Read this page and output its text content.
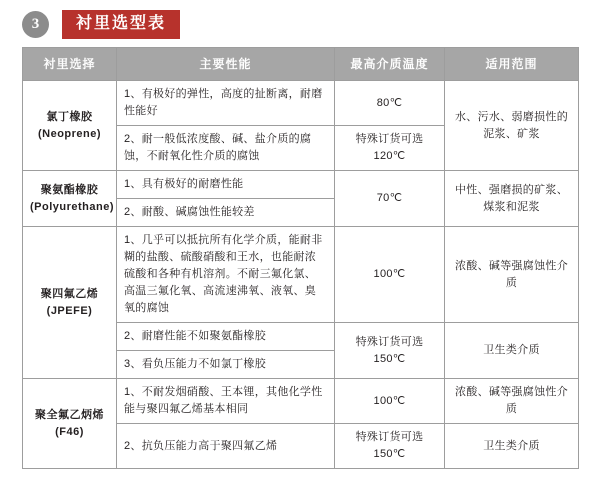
3	衬里选型表
衬里选择	主要性能	最高介质温度	适用范围

氯丁橡胶
(Neoprene)	1、有极好的弹性，高度的扯断离，耐磨性能好	80℃	水、污水、弱磨损性的
泥浆、矿浆

	2、耐一般低浓度酸、碱、盐介质的腐蚀，不耐氧化性介质的腐蚀	特殊订货可选
120℃	

聚氨酯橡胶
(Polyurethane)	1、具有极好的耐磨性能	70℃	中性、强磨损的矿浆、
煤浆和泥浆

	2、耐酸、碱腐蚀性能较差		

聚四氟乙烯
(JPEFE)	1、几乎可以抵抗所有化学介质，能耐非糊的盐酸、硫酸硝酸和王水，也能耐浓硫酸和各种有机溶剂。不耐三氟化氯、高温三氟化氧、高流速沸氧、液氧、臭氧的腐蚀	100℃	浓酸、碱等强腐蚀性介
质

	2、耐磨性能不如聚氨酯橡胶	特殊订货可选
150℃	卫生类介质

	3、看负压能力不如氯丁橡胶		

聚全氟乙炳烯
(F46)	1、不耐发烟硝酸、王本锂，其他化学性能与聚四氟乙烯基本相同	100℃	浓酸、碱等强腐蚀性介
质

	2、抗负压能力高于聚四氟乙烯	特殊订货可选
150℃	卫生类介质
